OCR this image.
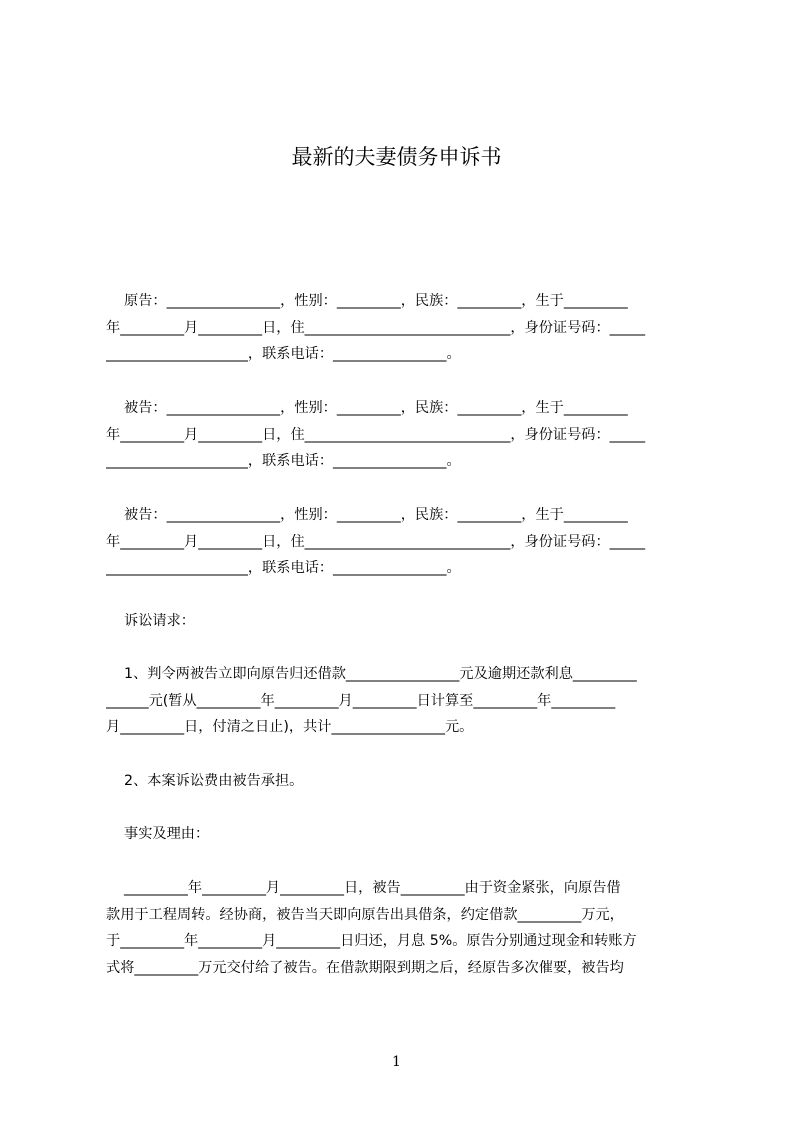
最新的夫妻债务申诉书
原告：________________，性别：_________，民族：_________，生于_________
年_________月_________日，住_____________________________，身份证号码：_____
____________________，联系电话：________________。
被告：________________，性别：_________，民族：_________，生于_________
年_________月_________日，住_____________________________，身份证号码：_____
____________________，联系电话：________________。
被告：________________，性别：_________，民族：_________，生于_________
年_________月_________日，住_____________________________，身份证号码：_____
____________________，联系电话：________________。
诉讼请求：
1、判令两被告立即向原告归还借款________________元及逾期还款利息_________
______元(暂从_________年_________月_________日计算至_________年_________
月_________日，付清之日止)，共计________________元。
2、本案诉讼费由被告承担。
事实及理由：
_________年_________月_________日，被告_________由于资金紧张，向原告借
款用于工程周转。经协商，被告当天即向原告出具借条，约定借款_________万元，
于_________年_________月_________日归还，月息 5%。原告分别通过现金和转账方
式将_________万元交付给了被告。在借款期限到期之后，经原告多次催要，被告均
1
